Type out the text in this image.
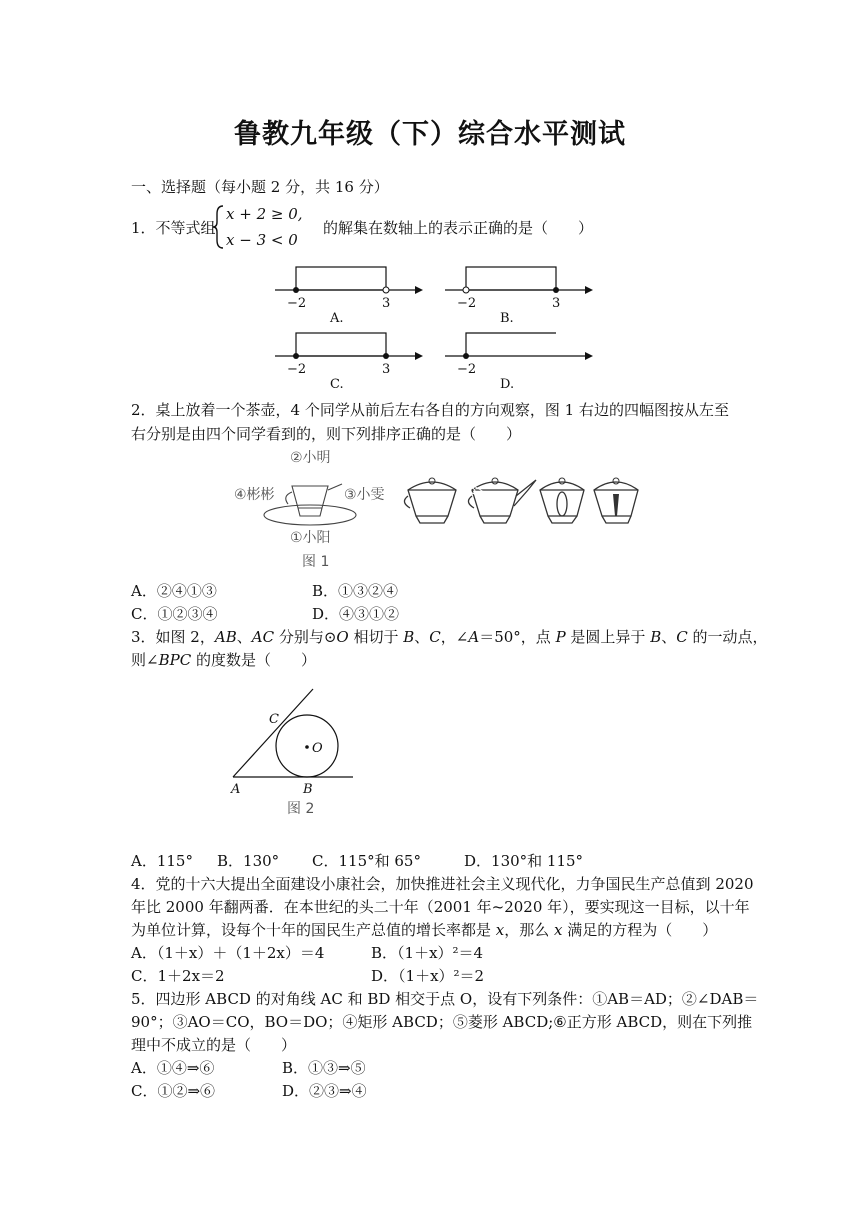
鲁教九年级（下）综合水平测试
一、选择题（每小题 2 分，共 16 分）
1．不等式组
x + 2 ≥ 0,
x − 3 < 0
的解集在数轴上的表示正确的是（　　）
−2	3
A.
−2	3
B.
−2	3
C.
−2
D.
2．桌上放着一个茶壶，4 个同学从前后左右各自的方向观察，图 1 右边的四幅图按从左至
右分别是由四个同学看到的，则下列排序正确的是（　　）
②小明
④彬彬	③小雯
①小阳
图 1
A．②④①③	B．①③②④
C．①②③④	D．④③①②
3．如图 2，AB、AC 分别与⊙O 相切于 B、C，∠A＝50°，点 P 是圆上异于 B、C 的一动点，
则∠BPC 的度数是（　　）
C
O
A	B
图 2
A．115° B．130° C．115°和 65°	D．130°和 115°
4．党的十六大提出全面建设小康社会，加快推进社会主义现代化，力争国民生产总值到 2020
年比 2000 年翻两番．在本世纪的头二十年（2001 年~2020 年），要实现这一目标，以十年
为单位计算，设每个十年的国民生产总值的增长率都是 x，那么 x 满足的方程为（　　）
A．（1＋x）＋（1＋2x）＝4	B．（1＋x）²＝4
C．1＋2x＝2	D．（1＋x）²＝2
5．四边形 ABCD 的对角线 AC 和 BD 相交于点 O，设有下列条件：①AB＝AD；②∠DAB＝
90°；③AO＝CO，BO＝DO；④矩形 ABCD；⑤菱形 ABCD;⑥正方形 ABCD，则在下列推
理中不成立的是（　　）
A．①④⇒⑥	B．①③⇒⑤
C．①②⇒⑥	D．②③⇒④
